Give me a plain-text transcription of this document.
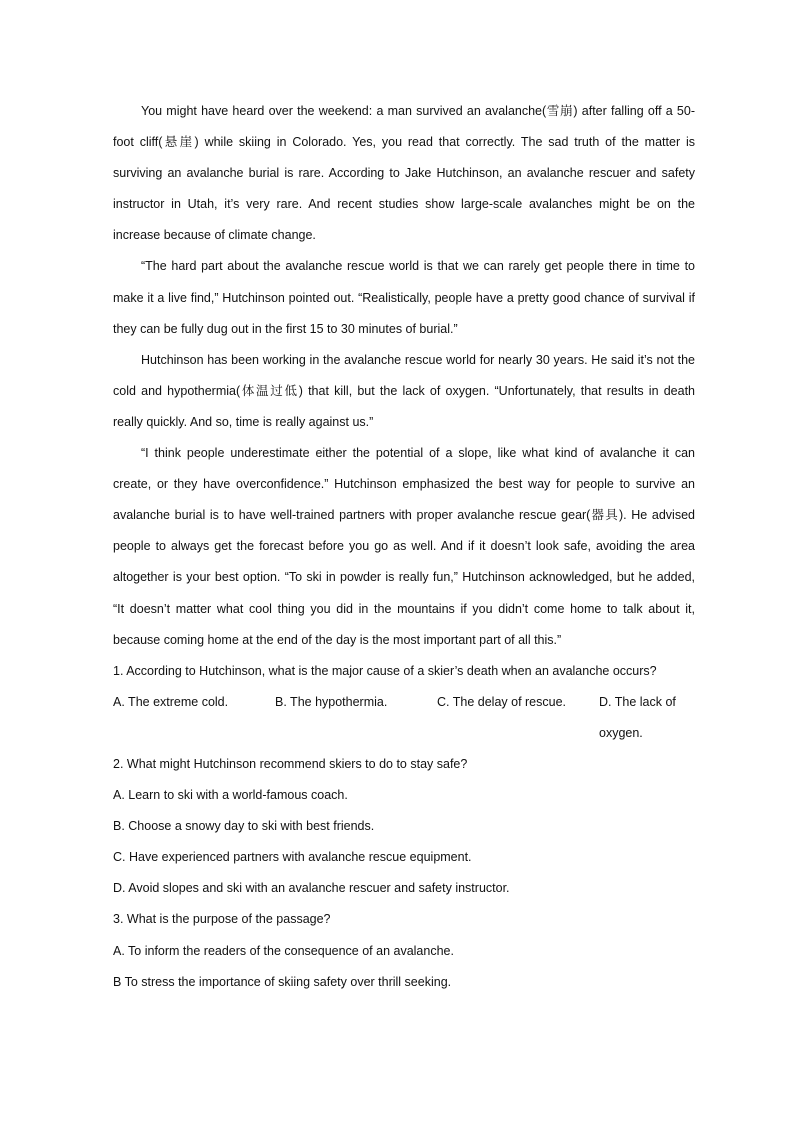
You might have heard over the weekend: a man survived an avalanche(雪崩) after falling off a 50-foot cliff(悬崖) while skiing in Colorado. Yes, you read that correctly. The sad truth of the matter is surviving an avalanche burial is rare. According to Jake Hutchinson, an avalanche rescuer and safety instructor in Utah, it’s very rare. And recent studies show large-scale avalanches might be on the increase because of climate change.

“The hard part about the avalanche rescue world is that we can rarely get people there in time to make it a live find,” Hutchinson pointed out. “Realistically, people have a pretty good chance of survival if they can be fully dug out in the first 15 to 30 minutes of burial.”

Hutchinson has been working in the avalanche rescue world for nearly 30 years. He said it’s not the cold and hypothermia(体温过低) that kill, but the lack of oxygen. “Unfortunately, that results in death really quickly. And so, time is really against us.”

“I think people underestimate either the potential of a slope, like what kind of avalanche it can create, or they have overconfidence.” Hutchinson emphasized the best way for people to survive an avalanche burial is to have well-trained partners with proper avalanche rescue gear(器具). He advised people to always get the forecast before you go as well. And if it doesn’t look safe, avoiding the area altogether is your best option. “To ski in powder is really fun,” Hutchinson acknowledged, but he added, “It doesn’t matter what cool thing you did in the mountains if you didn’t come home to talk about it, because coming home at the end of the day is the most important part of all this.”

1. According to Hutchinson, what is the major cause of a skier’s death when an avalanche occurs?

A. The extreme cold.	B. The hypothermia.	C. The delay of rescue.	D. The lack of oxygen.

2. What might Hutchinson recommend skiers to do to stay safe?

A. Learn to ski with a world-famous coach.

B. Choose a snowy day to ski with best friends.

C. Have experienced partners with avalanche rescue equipment.

D. Avoid slopes and ski with an avalanche rescuer and safety instructor.

3. What is the purpose of the passage?

A. To inform the readers of the consequence of an avalanche.

B To stress the importance of skiing safety over thrill seeking.
